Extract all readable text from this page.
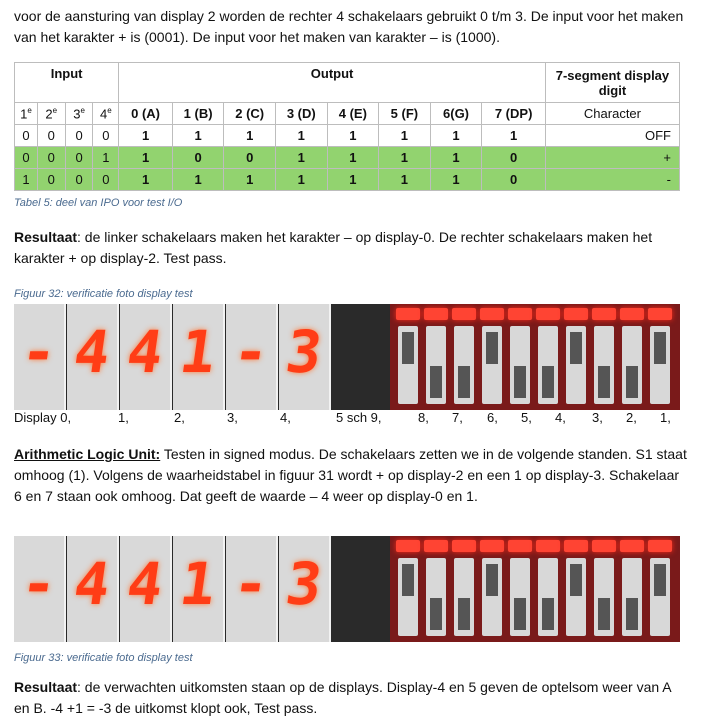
voor de aansturing van display 2 worden de rechter 4 schakelaars gebruikt 0 t/m 3. De input voor het maken van het karakter + is (0001). De input voor het maken van karakter – is (1000).
Input				Output								7-segment display digit
1e	2e	3e	4e	0 (A)	1 (B)	2 (C)	3 (D)	4 (E)	5 (F)	6(G)	7 (DP)	Character
0	0	0	0	1	1	1	1	1	1	1	1	OFF
0	0	0	1	1	0	0	1	1	1	1	0	+
1	0	0	0	1	1	1	1	1	1	1	0	-
Tabel 5: deel van IPO voor test I/O
Resultaat: de linker schakelaars maken het karakter – op display-0. De rechter schakelaars maken het karakter + op display-2. Test pass.
Figuur 32: verificatie foto display test
- 4 4 1 - 3
Display 0,	1,	2,	3,	4,	5 sch 9,	8, 7, 6, 5, 4, 3, 2, 1,
Arithmetic Logic Unit: Testen in signed modus. De schakelaars zetten we in de volgende standen. S1 staat omhoog (1). Volgens de waarheidstabel in figuur 31 wordt + op display-2 en een 1 op display-3. Schakelaar 6 en 7 staan ook omhoog. Dat geeft de waarde – 4 weer op display-0 en 1.
- 4 4 1 - 3
Figuur 33: verificatie foto display test
Resultaat: de verwachten uitkomsten staan op de displays. Display-4 en 5 geven de optelsom weer van A en B. -4 +1 = -3 de uitkomst klopt ook, Test pass.
